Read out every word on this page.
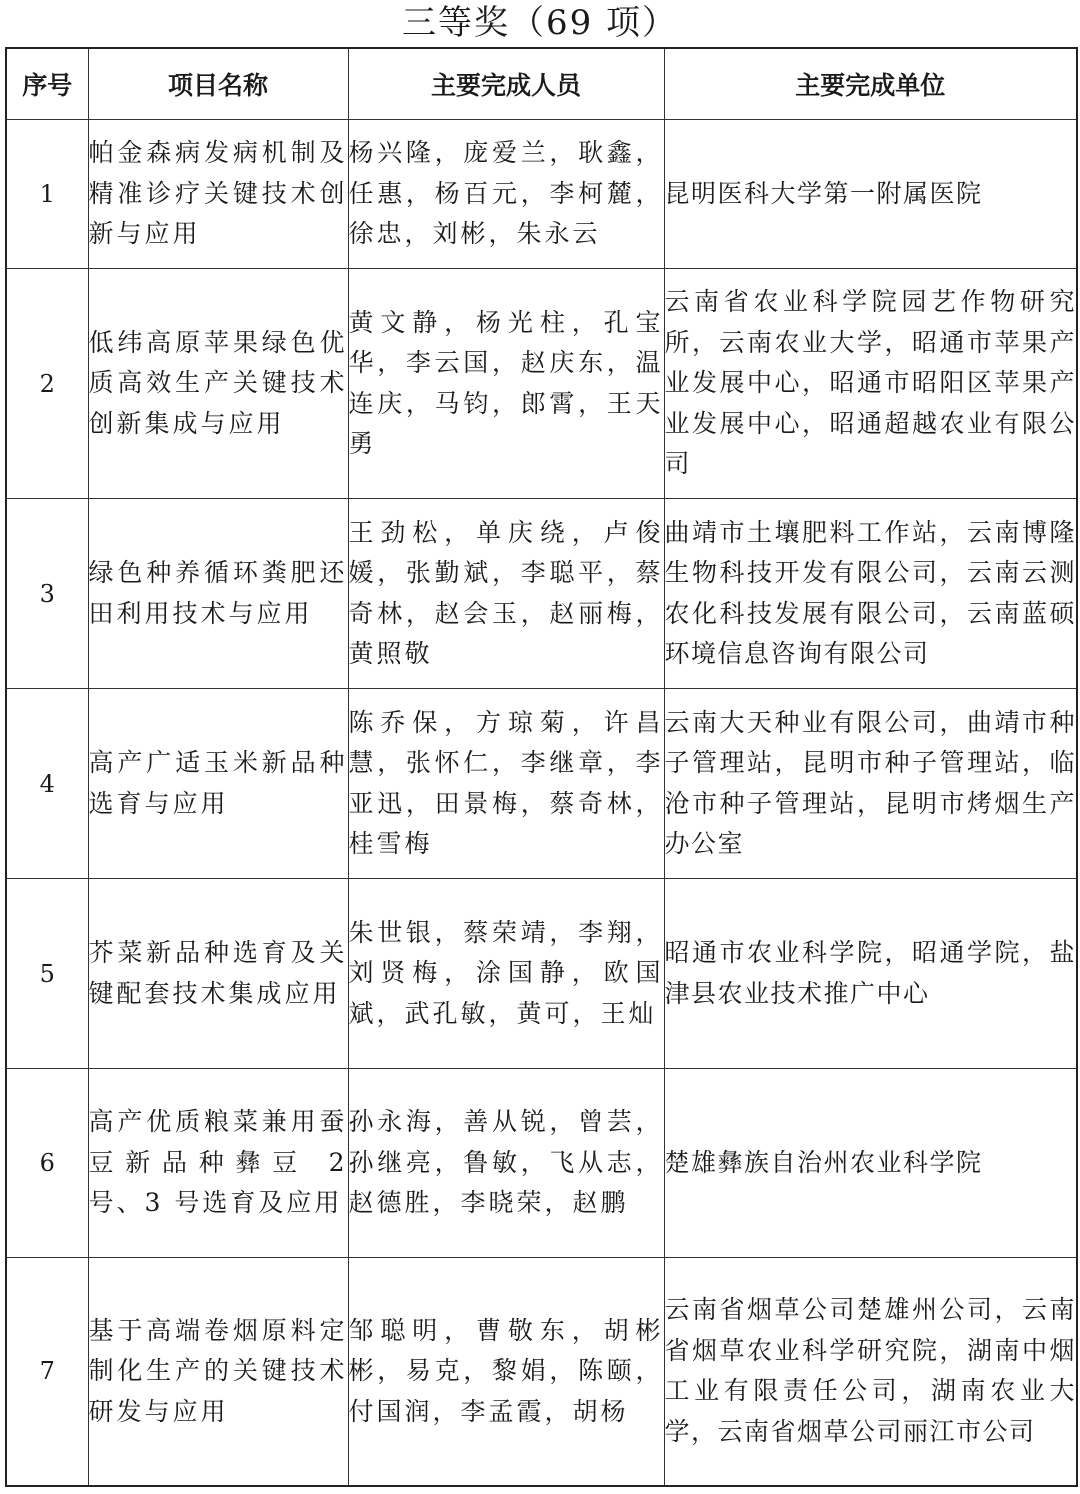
三等奖（69 项）
序号	项目名称	主要完成人员	主要完成单位
1	帕金森病发病机制及精准诊疗关键技术创新与应用	杨兴隆，庞爱兰，耿鑫，任惠，杨百元，李柯麓，徐忠，刘彬，朱永云	昆明医科大学第一附属医院
2	低纬高原苹果绿色优质高效生产关键技术创新集成与应用	黄文静，杨光柱，孔宝华，李云国，赵庆东，温连庆，马钧，郎霄，王天勇	云南省农业科学院园艺作物研究所，云南农业大学，昭通市苹果产业发展中心，昭通市昭阳区苹果产业发展中心，昭通超越农业有限公司
3	绿色种养循环粪肥还田利用技术与应用	王劲松，单庆绕，卢俊媛，张勤斌，李聪平，蔡奇林，赵会玉，赵丽梅，黄照敬	曲靖市土壤肥料工作站，云南博隆生物科技开发有限公司，云南云测农化科技发展有限公司，云南蓝硕环境信息咨询有限公司
4	高产广适玉米新品种选育与应用	陈乔保，方琼菊，许昌慧，张怀仁，李继章，李亚迅，田景梅，蔡奇林，桂雪梅	云南大天种业有限公司，曲靖市种子管理站，昆明市种子管理站，临沧市种子管理站，昆明市烤烟生产办公室
5	芥菜新品种选育及关键配套技术集成应用	朱世银，蔡荣靖，李翔，刘贤梅，涂国静，欧国斌，武孔敏，黄可，王灿	昭通市农业科学院，昭通学院，盐津县农业技术推广中心
6	高产优质粮菜兼用蚕豆新品种彝豆 2 号、3 号选育及应用	孙永海，善从锐，曾芸，孙继亮，鲁敏，飞从志，赵德胜，李晓荣，赵鹏	楚雄彝族自治州农业科学院
7	基于高端卷烟原料定制化生产的关键技术研发与应用	邹聪明，曹敬东，胡彬彬，易克，黎娟，陈颐，付国润，李孟霞，胡杨	云南省烟草公司楚雄州公司，云南省烟草农业科学研究院，湖南中烟工业有限责任公司，湖南农业大学，云南省烟草公司丽江市公司
